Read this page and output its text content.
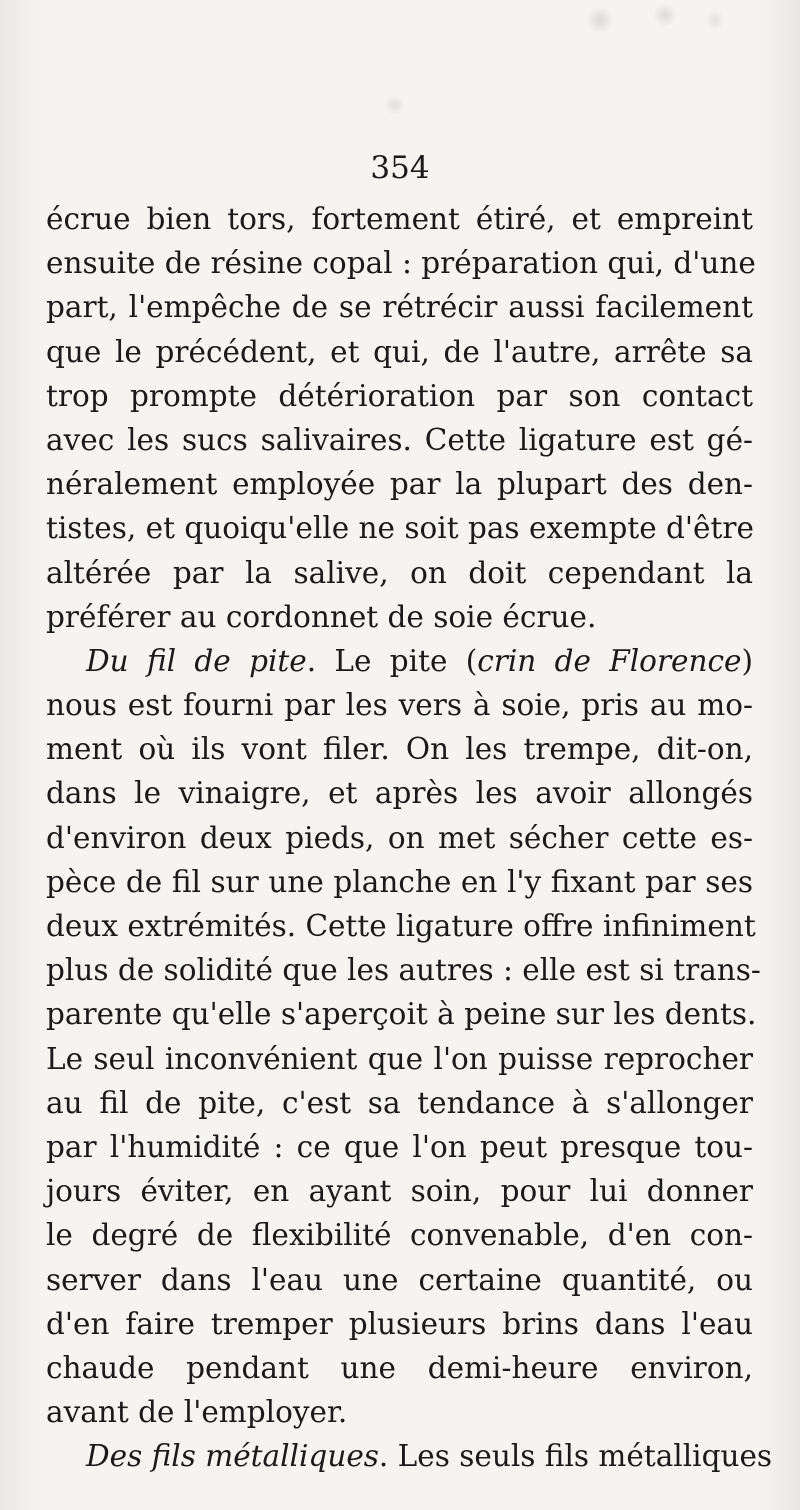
354
écrue bien tors, fortement étiré, et empreint
ensuite de résine copal : préparation qui, d'une
part, l'empêche de se rétrécir aussi facilement
que le précédent, et qui, de l'autre, arrête sa
trop prompte détérioration par son contact
avec les sucs salivaires. Cette ligature est gé-
néralement employée par la plupart des den-
tistes, et quoiqu'elle ne soit pas exempte d'être
altérée par la salive, on doit cependant la
préférer au cordonnet de soie écrue.
Du fil de pite. Le pite (crin de Florence)
nous est fourni par les vers à soie, pris au mo-
ment où ils vont filer. On les trempe, dit-on,
dans le vinaigre, et après les avoir allongés
d'environ deux pieds, on met sécher cette es-
pèce de fil sur une planche en l'y fixant par ses
deux extrémités. Cette ligature offre infiniment
plus de solidité que les autres : elle est si trans-
parente qu'elle s'aperçoit à peine sur les dents.
Le seul inconvénient que l'on puisse reprocher
au fil de pite, c'est sa tendance à s'allonger
par l'humidité : ce que l'on peut presque tou-
jours éviter, en ayant soin, pour lui donner
le degré de flexibilité convenable, d'en con-
server dans l'eau une certaine quantité, ou
d'en faire tremper plusieurs brins dans l'eau
chaude pendant une demi-heure environ,
avant de l'employer.
Des fils métalliques. Les seuls fils métalliques
